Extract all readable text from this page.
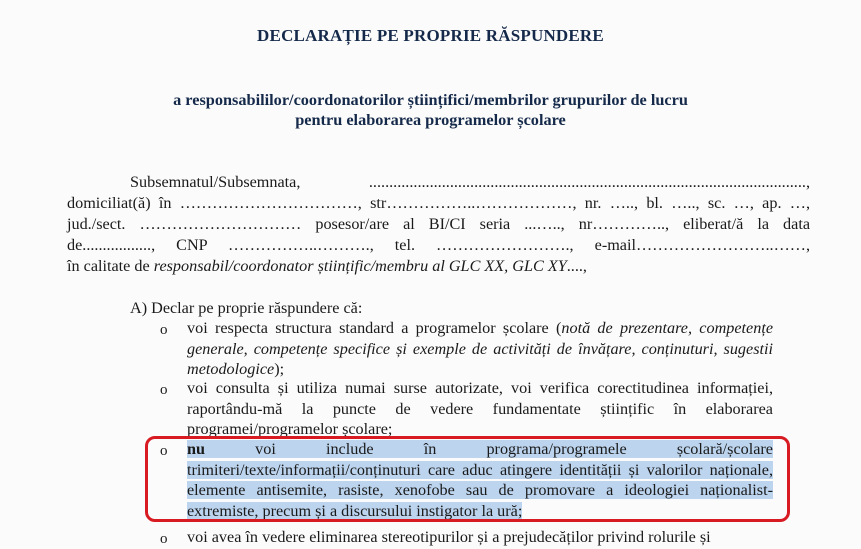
DECLARAȚIE PE PROPRIE RĂSPUNDERE
a responsabililor/coordonatorilor științifici/membrilor grupurilor de lucru
pentru elaborarea programelor școlare
Subsemnatul/Subsemnata, ............................................................................................................,
domiciliat(ă) în ……………………………, str……………..………………, nr. ….., bl. ….., sc. …, ap. …,
jud./sect. ………………………… posesor/are al BI/CI seria ...….., nr………….., eliberat/ă la data
de................., CNP ……………..………., tel. ……………………., e-mail……………………..……,
în calitate de responsabil/coordonator științific/membru al GLC XX, GLC XY....,
A) Declar pe propriе răspundere că:
o voi respecta structura standard a programelor școlare (notă de prezentare, competențe generale, competențe specifice și exemple de activități de învățare, conținuturi, sugestii metodologice);
o voi consulta și utiliza numai surse autorizate, voi verifica corectitudinea informației, raportându-mă la puncte de vedere fundamentate științific în elaborarea programei/programelor școlare;
o nu voi include în programa/programele școlară/școlare trimiteri/texte/informații/conținuturi care aduc atingere identității și valorilor naționale, elemente antisemite, rasiste, xenofobe sau de promovare a ideologiei naționalist-extremiste, precum și a discursului instigator la ură;
o voi avea în vedere eliminarea stereotipurilor și a prejudecăților privind rolurile și
